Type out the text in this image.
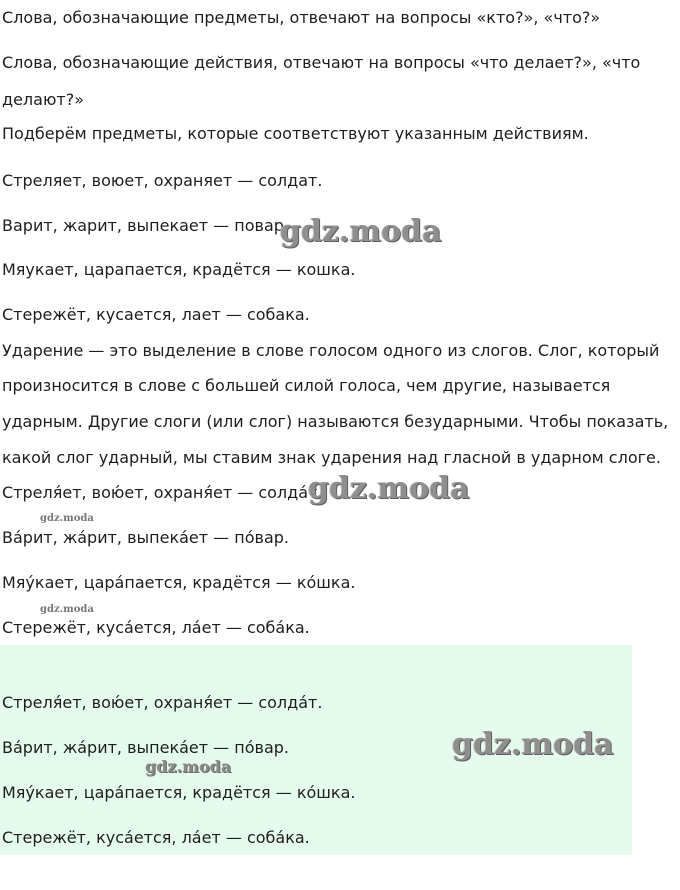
Слова, обозначающие предметы, отвечают на вопросы «кто?», «что?»

Слова, обозначающие действия, отвечают на вопросы «что делает?», «что

делают?»

Подберём предметы, которые соответствуют указанным действиям.

Стреляет, воюет, охраняет — солдат.

Варит, жарит, выпекает — повар.

Мяукает, царапается, крадётся — кошка.

Стережёт, кусается, лает — собака.

Ударение — это выделение в слове голосом одного из слогов. Слог, который

произносится в слове с большей силой голоса, чем другие, называется

ударным. Другие слоги (или слог) называются безударными. Чтобы показать,

какой слог ударный, мы ставим знак ударения над гласной в ударном слоге.

Стреля́ет, вою́ет, охраня́ет — солда́т.

Ва́рит, жа́рит, выпека́ет — по́вар.

Мяу́кает, цара́пается, крадётся — ко́шка.

Стережёт, куса́ется, ла́ет — соба́ка.

Стреля́ет, вою́ет, охраня́ет — солда́т.

Ва́рит, жа́рит, выпека́ет — по́вар.

Мяу́кает, цара́пается, крадётся — ко́шка.

Стережёт, куса́ется, ла́ет — соба́ка.

gdz.moda
gdz.moda
gdz.moda
gdz.moda
gdz.moda
gdz.moda
